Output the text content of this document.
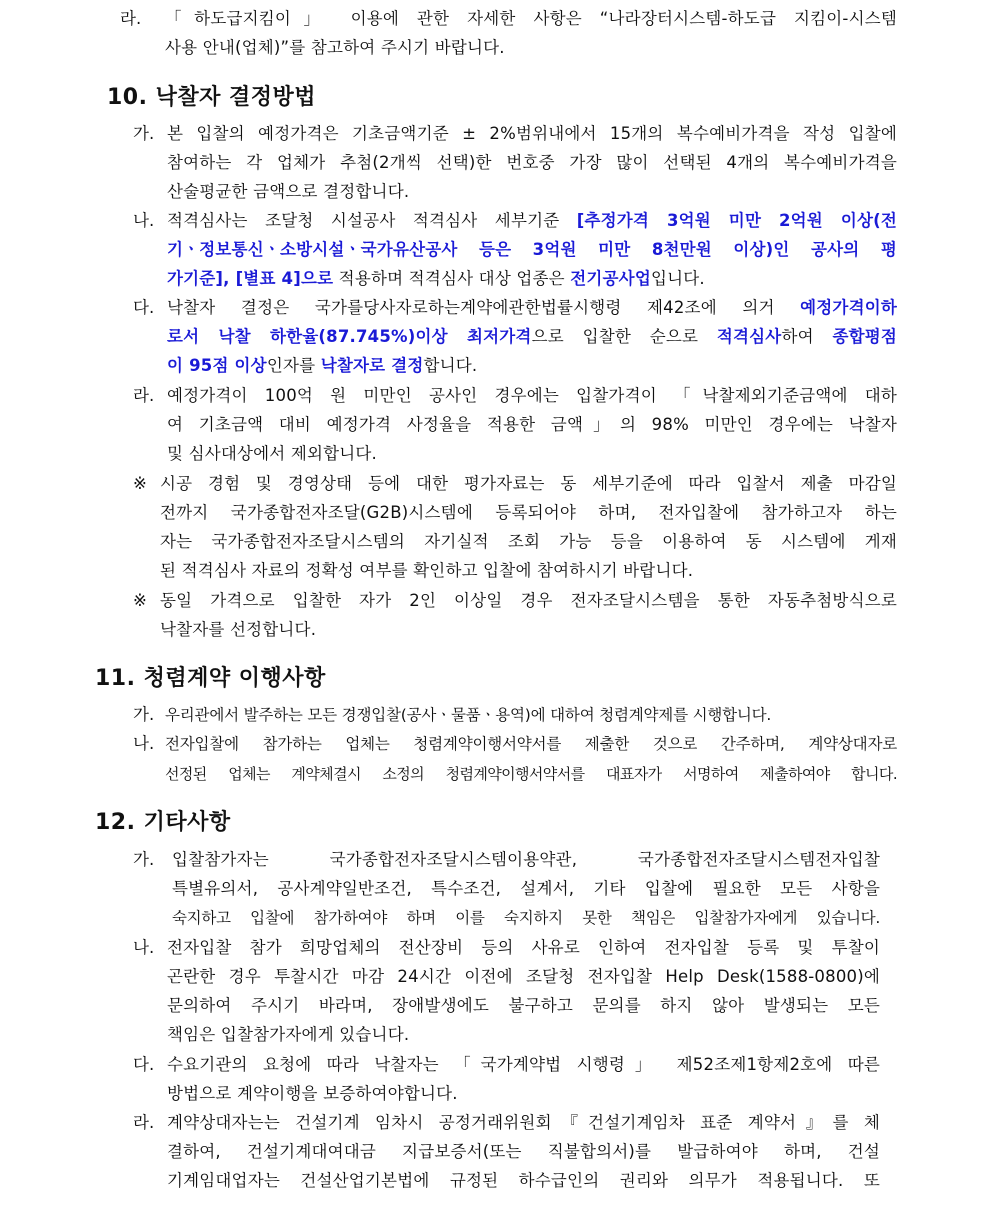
라. 「하도급지킴이」 이용에 관한 자세한 사항은 “나라장터시스템-하도급 지킴이-시스템
사용 안내(업체)”를 참고하여 주시기 바랍니다.
10. 낙찰자 결정방법
가. 본 입찰의 예정가격은 기초금액기준 ± 2%범위내에서 15개의 복수예비가격을 작성 입찰에
참여하는 각 업체가 추첨(2개씩 선택)한 번호중 가장 많이 선택된 4개의 복수예비가격을
산술평균한 금액으로 결정합니다.
나. 적격심사는 조달청 시설공사 적격심사 세부기준 [추정가격 3억원 미만 2억원 이상(전
기ㆍ정보통신ㆍ소방시설ㆍ국가유산공사 등은 3억원 미만 8천만원 이상)인 공사의 평
가기준], [별표 4]으로 적용하며 적격심사 대상 업종은 전기공사업입니다.
다. 낙찰자 결정은 국가를당사자로하는계약에관한법률시행령 제42조에 의거 예정가격이하
로서 낙찰 하한율(87.745%)이상 최저가격으로 입찰한 순으로 적격심사하여 종합평점
이 95점 이상인자를 낙찰자로 결정합니다.
라. 예정가격이 100억 원 미만인 공사인 경우에는 입찰가격이 「낙찰제외기준금액에 대하
여 기초금액 대비 예정가격 사정율을 적용한 금액」의 98% 미만인 경우에는 낙찰자
및 심사대상에서 제외합니다.
※ 시공 경험 및 경영상태 등에 대한 평가자료는 동 세부기준에 따라 입찰서 제출 마감일
전까지 국가종합전자조달(G2B)시스템에 등록되어야 하며, 전자입찰에 참가하고자 하는
자는 국가종합전자조달시스템의 자기실적 조회 가능 등을 이용하여 동 시스템에 게재
된 적격심사 자료의 정확성 여부를 확인하고 입찰에 참여하시기 바랍니다.
※ 동일 가격으로 입찰한 자가 2인 이상일 경우 전자조달시스템을 통한 자동추첨방식으로
낙찰자를 선정합니다.
11. 청렴계약 이행사항
가. 우리관에서 발주하는 모든 경쟁입찰(공사ㆍ물품ㆍ용역)에 대하여 청렴계약제를 시행합니다.
나. 전자입찰에 참가하는 업체는 청렴계약이행서약서를 제출한 것으로 간주하며, 계약상대자로
선정된 업체는 계약체결시 소정의 청렴계약이행서약서를 대표자가 서명하여 제출하여야 합니다.
12. 기타사항
가. 입찰참가자는 국가종합전자조달시스템이용약관, 국가종합전자조달시스템전자입찰
특별유의서, 공사계약일반조건, 특수조건, 설계서, 기타 입찰에 필요한 모든 사항을
숙지하고 입찰에 참가하여야 하며 이를 숙지하지 못한 책임은 입찰참가자에게 있습니다.
나. 전자입찰 참가 희망업체의 전산장비 등의 사유로 인하여 전자입찰 등록 및 투찰이
곤란한 경우 투찰시간 마감 24시간 이전에 조달청 전자입찰 Help Desk(1588-0800)에
문의하여 주시기 바라며, 장애발생에도 불구하고 문의를 하지 않아 발생되는 모든
책임은 입찰참가자에게 있습니다.
다. 수요기관의 요청에 따라 낙찰자는 「국가계약법 시행령」 제52조제1항제2호에 따른
방법으로 계약이행을 보증하여야합니다.
라. 계약상대자는는 건설기계 임차시 공정거래위원회『건설기계임차 표준 계약서』를 체
결하여, 건설기계대여대금 지급보증서(또는 직불합의서)를 발급하여야 하며, 건설
기계임대업자는 건설산업기본법에 규정된 하수급인의 권리와 의무가 적용됩니다. 또
